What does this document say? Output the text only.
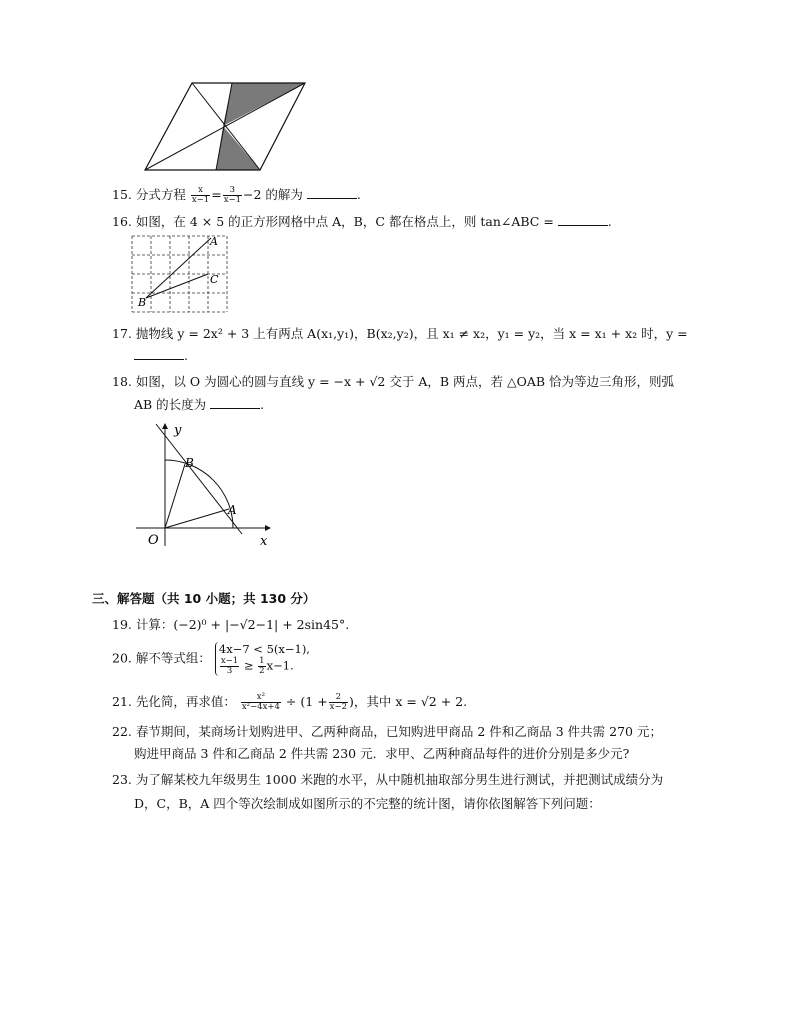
15. 分式方程 $\frac{x}{x-1} = \frac{3}{x-1} -2$ 的解为	.
16. 如图，在 4 × 5 的正方形网格中点 A，B，C 都在格点上，则 tan∠ABC =	.
A
B
C
17. 抛物线 y = 2x² + 3 上有两点 A(x₁,y₁)，B(x₂,y₂)，且 x₁ ≠ x₂，y₁ = y₂，当 x = x₁ + x₂ 时，y =
.
18. 如图，以 O 为圆心的圆与直线 y = −x + √2 交于 A，B 两点，若 △OAB 恰为等边三角形，则弧
AB 的长度为	.
y
x
O
B
A
三、解答题（共 10 小题；共 130 分）
19. 计算：(−2)⁰ + |−√2−1| + 2sin45°.
20. 解不等式组：
4x−7 < 5(x−1),
$\frac{x-1}{3} \ge \frac{1}{2} x-1$.
21. 先化简，再求值： $\frac{\text{x²}}{\text{x²−4x+4}} \div (1 + \frac{2}{x-2}$ )，其中 x = √2 + 2.
22. 春节期间，某商场计划购进甲、乙两种商品，已知购进甲商品 2 件和乙商品 3 件共需 270 元；
购进甲商品 3 件和乙商品 2 件共需 230 元．求甲、乙两种商品每件的进价分别是多少元?
23. 为了解某校九年级男生 1000 米跑的水平，从中随机抽取部分男生进行测试，并把测试成绩分为
D，C，B，A 四个等次绘制成如图所示的不完整的统计图，请你依图解答下列问题：
